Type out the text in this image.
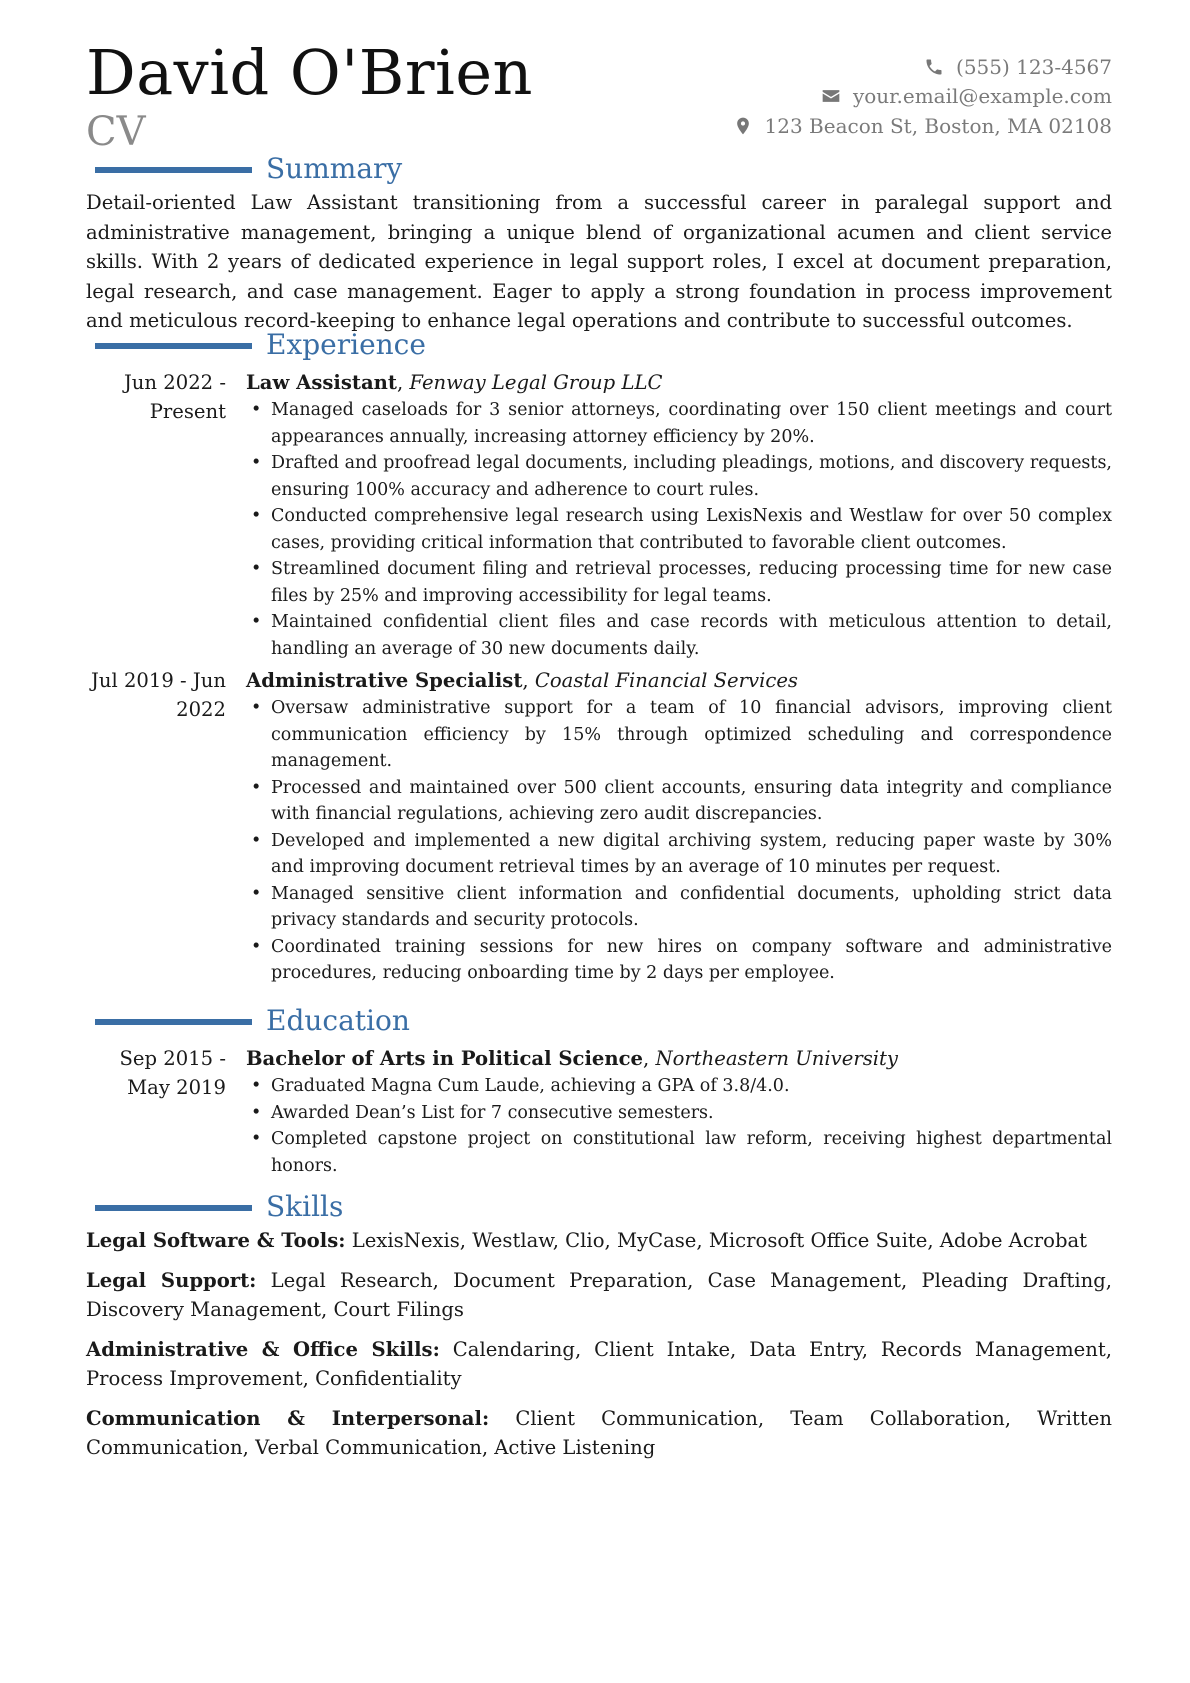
David O'Brien
CV
(555) 123-4567
your.email@example.com
123 Beacon St, Boston, MA 02108
Summary

Detail-oriented Law Assistant transitioning from a successful career in paralegal support and administrative management, bringing a unique blend of organizational acumen and client service skills. With 2 years of dedicated experience in legal support roles, I excel at document preparation, legal research, and case management. Eager to apply a strong foundation in process improvement and meticulous record-keeping to enhance legal operations and contribute to successful outcomes.

Experience
Jun 2022 - Present
Law Assistant, Fenway Legal Group LLC
• Managed caseloads for 3 senior attorneys, coordinating over 150 client meetings and court appearances annually, increasing attorney efficiency by 20%.
• Drafted and proofread legal documents, including pleadings, motions, and discovery requests, ensuring 100% accuracy and adherence to court rules.
• Conducted comprehensive legal research using LexisNexis and Westlaw for over 50 complex cases, providing critical information that contributed to favorable client outcomes.
• Streamlined document filing and retrieval processes, reducing processing time for new case files by 25% and improving accessibility for legal teams.
• Maintained confidential client files and case records with meticulous attention to detail, handling an average of 30 new documents daily.
Jul 2019 - Jun 2022
Administrative Specialist, Coastal Financial Services
• Oversaw administrative support for a team of 10 financial advisors, improving client communication efficiency by 15% through optimized scheduling and correspondence management.
• Processed and maintained over 500 client accounts, ensuring data integrity and compliance with financial regulations, achieving zero audit discrepancies.
• Developed and implemented a new digital archiving system, reducing paper waste by 30% and improving document retrieval times by an average of 10 minutes per request.
• Managed sensitive client information and confidential documents, upholding strict data privacy standards and security protocols.
• Coordinated training sessions for new hires on company software and administrative procedures, reducing onboarding time by 2 days per employee.
Education
Sep 2015 - May 2019
Bachelor of Arts in Political Science, Northeastern University
• Graduated Magna Cum Laude, achieving a GPA of 3.8/4.0.
• Awarded Dean’s List for 7 consecutive semesters.
• Completed capstone project on constitutional law reform, receiving highest departmental honors.
Skills

Legal Software & Tools: LexisNexis, Westlaw, Clio, MyCase, Microsoft Office Suite, Adobe Acrobat

Legal Support: Legal Research, Document Preparation, Case Management, Pleading Drafting, Discovery Management, Court Filings

Administrative & Office Skills: Calendaring, Client Intake, Data Entry, Records Management, Process Improvement, Confidentiality

Communication & Interpersonal: Client Communication, Team Collaboration, Written Communication, Verbal Communication, Active Listening
